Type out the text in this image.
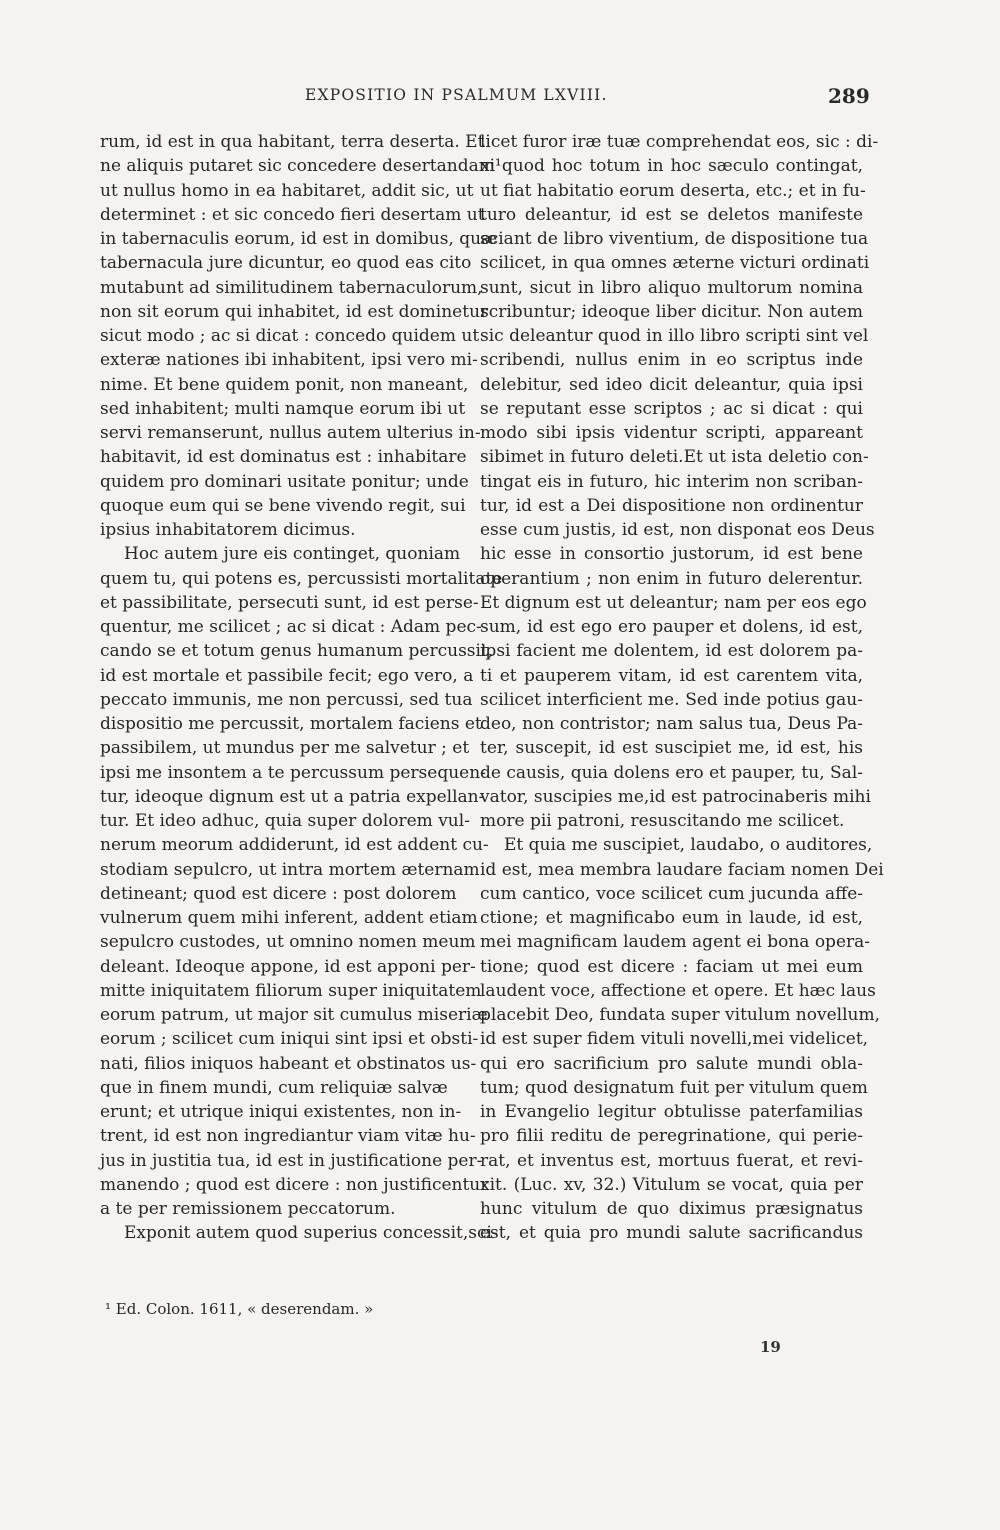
EXPOSITIO IN PSALMUM LXVIII.	289
rum, id est in qua habitant, terra deserta. Et
ne aliquis putaret sic concedere desertandam¹
ut nullus homo in ea habitaret, addit sic, ut
determinet : et sic concedo fieri desertam ut
in tabernaculis eorum, id est in domibus, quæ
tabernacula jure dicuntur, eo quod eas cito
mutabunt ad similitudinem tabernaculorum,
non sit eorum qui inhabitet, id est dominetur
sicut modo ; ac si dicat : concedo quidem ut
exteræ nationes ibi inhabitent, ipsi vero mi-
nime. Et bene quidem ponit, non maneant,
sed inhabitent; multi namque eorum ibi ut
servi remanserunt, nullus autem ulterius in-
habitavit, id est dominatus est : inhabitare
quidem pro dominari usitate ponitur; unde
quoque eum qui se bene vivendo regit, sui
ipsius inhabitatorem dicimus.
Hoc autem jure eis continget, quoniam
quem tu, qui potens es, percussisti mortalitate
et passibilitate, persecuti sunt, id est perse-
quentur, me scilicet ; ac si dicat : Adam pec-
cando se et totum genus humanum percussit,
id est mortale et passibile fecit; ego vero, a
peccato immunis, me non percussi, sed tua
dispositio me percussit, mortalem faciens et
passibilem, ut mundus per me salvetur ; et
ipsi me insontem a te percussum persequen-
tur, ideoque dignum est ut a patria expellan-
tur. Et ideo adhuc, quia super dolorem vul-
nerum meorum addiderunt, id est addent cu-
stodiam sepulcro, ut intra mortem æternam
detineant; quod est dicere : post dolorem
vulnerum quem mihi inferent, addent etiam
sepulcro custodes, ut omnino nomen meum
deleant. Ideoque appone, id est apponi per-
mitte iniquitatem filiorum super iniquitatem
eorum patrum, ut major sit cumulus miseriæ
eorum ; scilicet cum iniqui sint ipsi et obsti-
nati, filios iniquos habeant et obstinatos us-
que in finem mundi, cum reliquiæ salvæ
erunt; et utrique iniqui existentes, non in-
trent, id est non ingrediantur viam vitæ hu-
jus in justitia tua, id est in justificatione per-
manendo ; quod est dicere : non justificentur
a te per remissionem peccatorum.
Exponit autem quod superius concessit,sci-
licet furor iræ tuæ comprehendat eos, sic : di-
xi quod hoc totum in hoc sæculo contingat,
ut fiat habitatio eorum deserta, etc.; et in fu-
turo deleantur, id est se deletos manifeste
sciant de libro viventium, de dispositione tua
scilicet, in qua omnes æterne victuri ordinati
sunt, sicut in libro aliquo multorum nomina
scribuntur; ideoque liber dicitur. Non autem
sic deleantur quod in illo libro scripti sint vel
scribendi, nullus enim in eo scriptus inde
delebitur, sed ideo dicit deleantur, quia ipsi
se reputant esse scriptos ; ac si dicat : qui
modo sibi ipsis videntur scripti, appareant
sibimet in futuro deleti.Et ut ista deletio con-
tingat eis in futuro, hic interim non scriban-
tur, id est a Dei dispositione non ordinentur
esse cum justis, id est, non disponat eos Deus
hic esse in consortio justorum, id est bene
operantium ; non enim in futuro delerentur.
Et dignum est ut deleantur; nam per eos ego
sum, id est ego ero pauper et dolens, id est,
ipsi facient me dolentem, id est dolorem pa-
ti et pauperem vitam, id est carentem vita,
scilicet interficient me. Sed inde potius gau-
deo, non contristor; nam salus tua, Deus Pa-
ter, suscepit, id est suscipiet me, id est, his
de causis, quia dolens ero et pauper, tu, Sal-
vator, suscipies me,id est patrocinaberis mihi
more pii patroni, resuscitando me scilicet.
Et quia me suscipiet, laudabo, o auditores,
id est, mea membra laudare faciam nomen Dei
cum cantico, voce scilicet cum jucunda affe-
ctione; et magnificabo eum in laude, id est,
mei magnificam laudem agent ei bona opera-
tione; quod est dicere : faciam ut mei eum
laudent voce, affectione et opere. Et hæc laus
placebit Deo, fundata super vitulum novellum,
id est super fidem vituli novelli,mei videlicet,
qui ero sacrificium pro salute mundi obla-
tum; quod designatum fuit per vitulum quem
in Evangelio legitur obtulisse paterfamilias
pro filii reditu de peregrinatione, qui perie-
rat, et inventus est, mortuus fuerat, et revi-
xit. (Luc. xv, 32.) Vitulum se vocat, quia per
hunc vitulum de quo diximus præsignatus
est, et quia pro mundi salute sacrificandus
¹ Ed. Colon. 1611, « deserendam. »
19
